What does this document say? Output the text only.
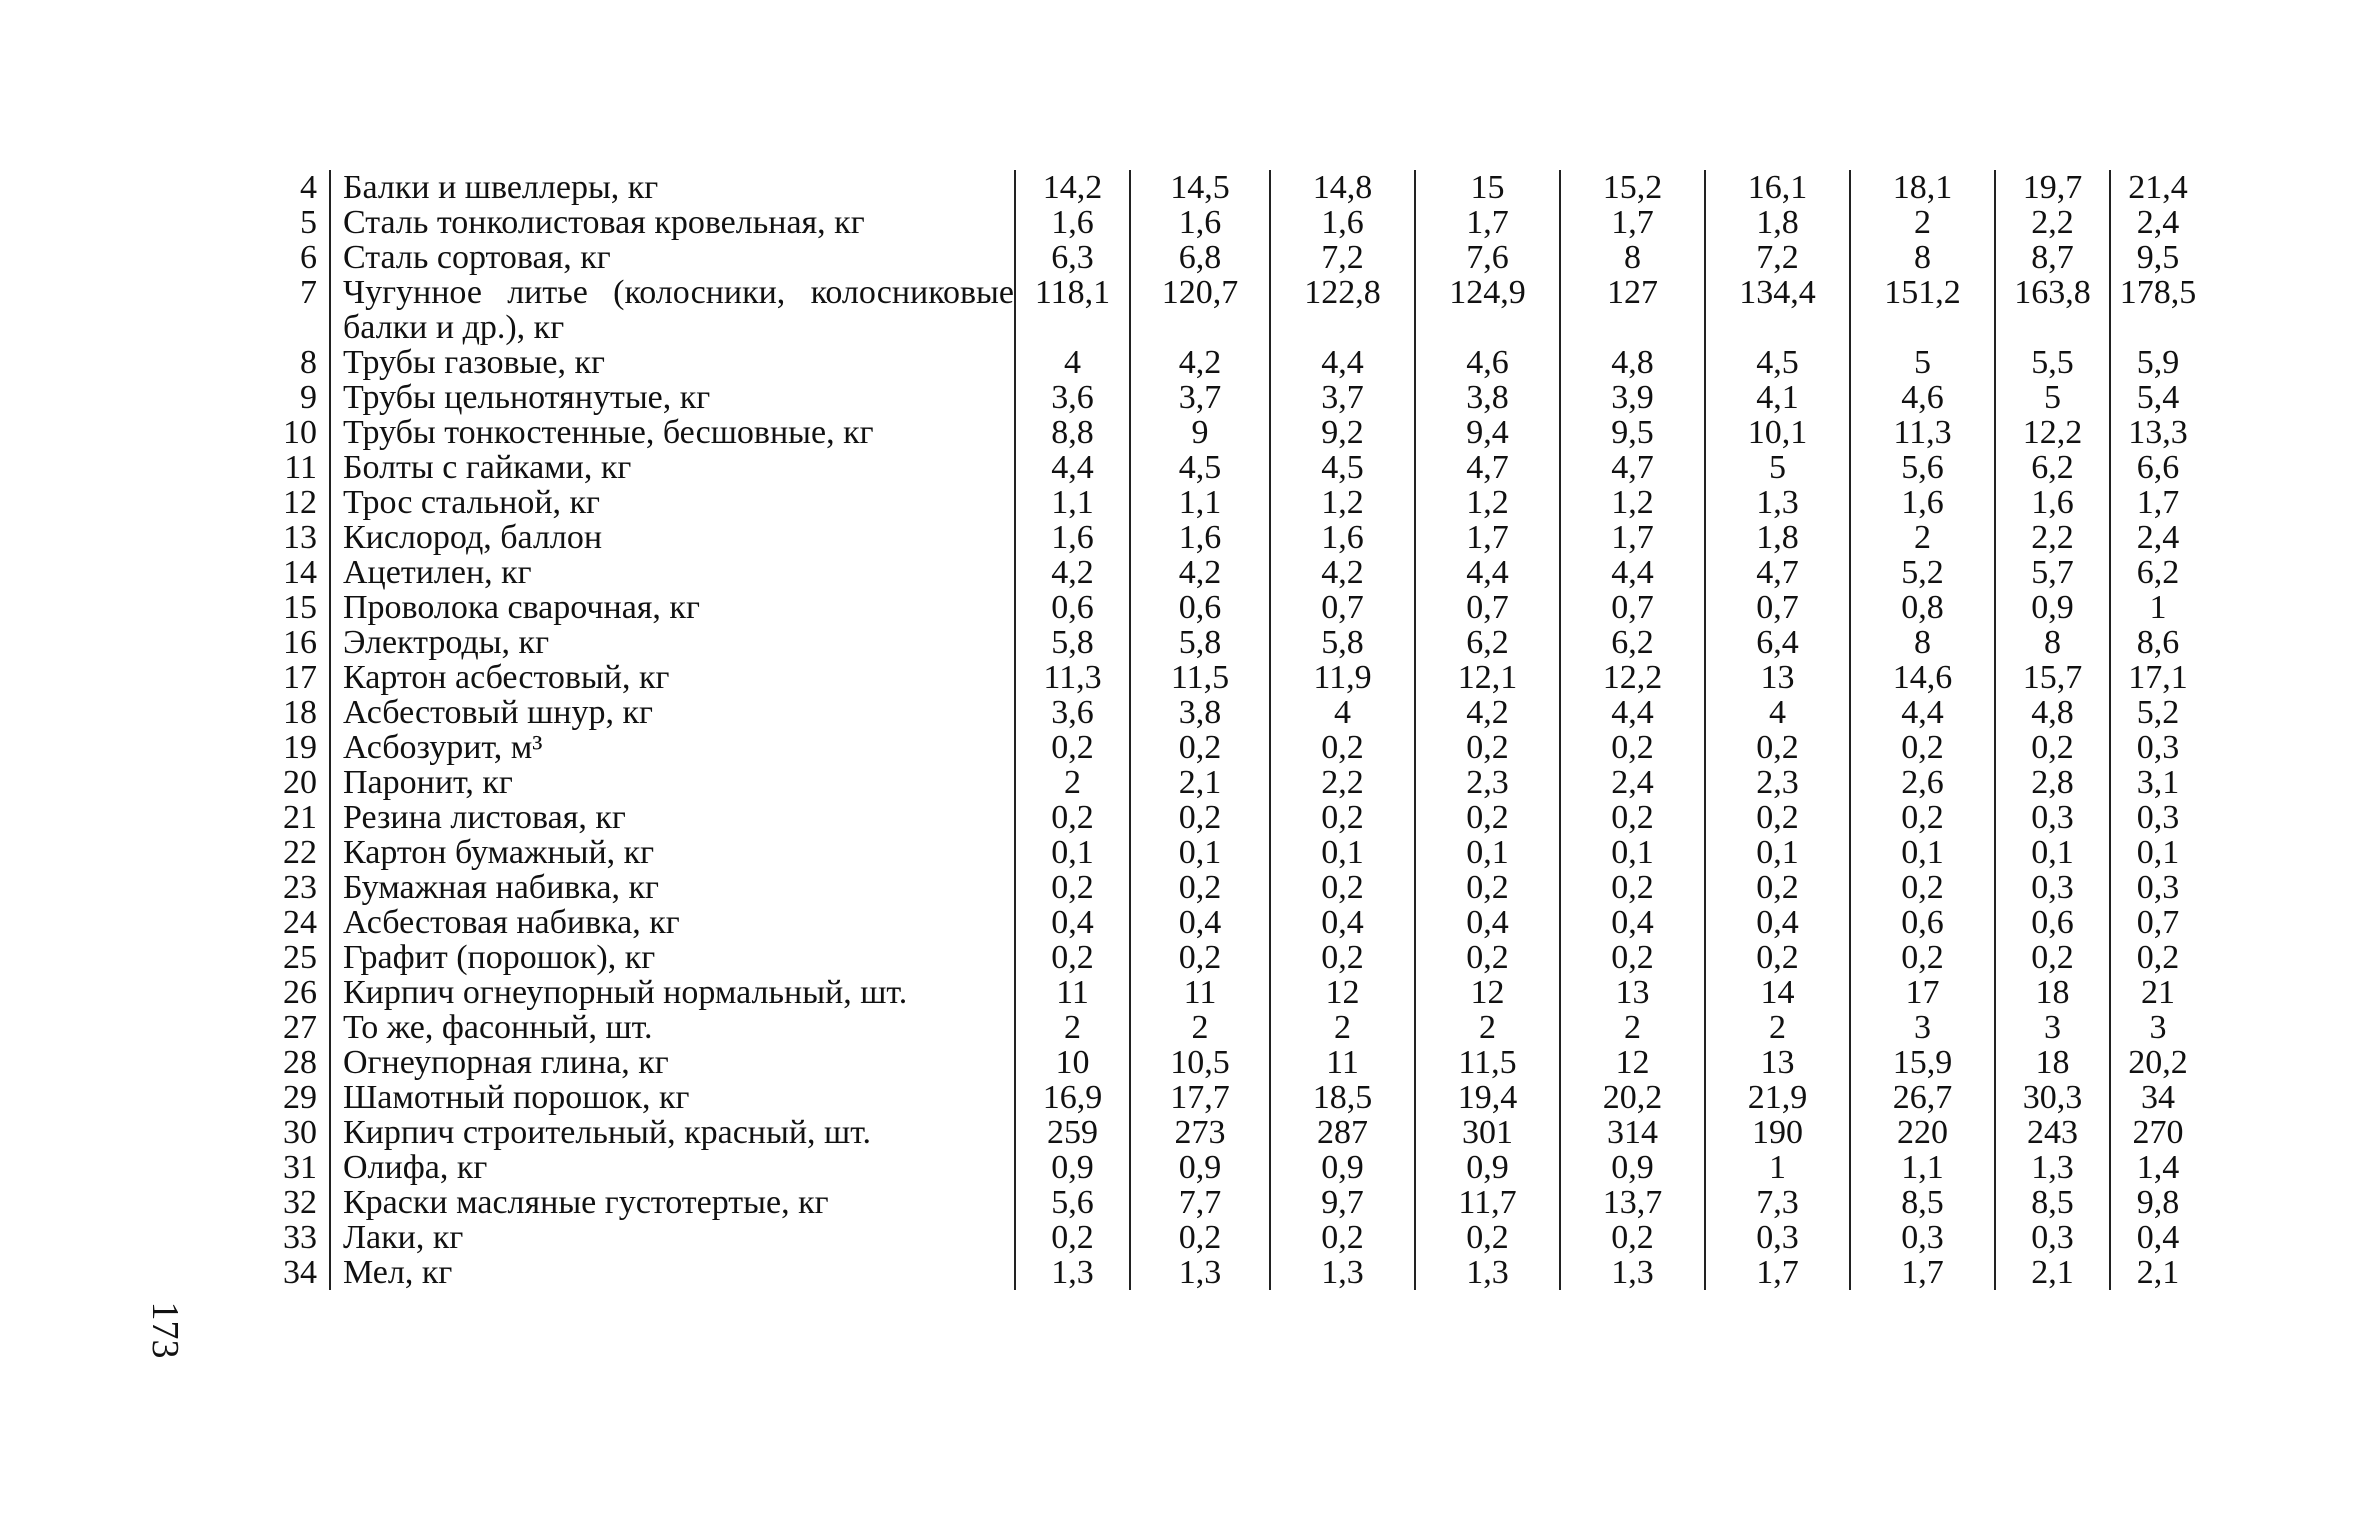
173
4	Балки и швеллеры, кг	14,2	14,5	14,8	15	15,2	16,1	18,1	19,7	21,4
5	Сталь тонколистовая кровельная, кг	1,6	1,6	1,6	1,7	1,7	1,8	2	2,2	2,4
6	Сталь сортовая, кг	6,3	6,8	7,2	7,6	8	7,2	8	8,7	9,5
7	Чугунное литье (колосники, колосниковые балки и др.), кг	118,1	120,7	122,8	124,9	127	134,4	151,2	163,8	178,5
8	Трубы газовые, кг	4	4,2	4,4	4,6	4,8	4,5	5	5,5	5,9
9	Трубы цельнотянутые, кг	3,6	3,7	3,7	3,8	3,9	4,1	4,6	5	5,4
10	Трубы тонкостенные, бесшовные, кг	8,8	9	9,2	9,4	9,5	10,1	11,3	12,2	13,3
11	Болты с гайками, кг	4,4	4,5	4,5	4,7	4,7	5	5,6	6,2	6,6
12	Трос стальной, кг	1,1	1,1	1,2	1,2	1,2	1,3	1,6	1,6	1,7
13	Кислород, баллон	1,6	1,6	1,6	1,7	1,7	1,8	2	2,2	2,4
14	Ацетилен, кг	4,2	4,2	4,2	4,4	4,4	4,7	5,2	5,7	6,2
15	Проволока сварочная, кг	0,6	0,6	0,7	0,7	0,7	0,7	0,8	0,9	1
16	Электроды, кг	5,8	5,8	5,8	6,2	6,2	6,4	8	8	8,6
17	Картон асбестовый, кг	11,3	11,5	11,9	12,1	12,2	13	14,6	15,7	17,1
18	Асбестовый шнур, кг	3,6	3,8	4	4,2	4,4	4	4,4	4,8	5,2
19	Асбозурит, м³	0,2	0,2	0,2	0,2	0,2	0,2	0,2	0,2	0,3
20	Паронит, кг	2	2,1	2,2	2,3	2,4	2,3	2,6	2,8	3,1
21	Резина листовая, кг	0,2	0,2	0,2	0,2	0,2	0,2	0,2	0,3	0,3
22	Картон бумажный, кг	0,1	0,1	0,1	0,1	0,1	0,1	0,1	0,1	0,1
23	Бумажная набивка, кг	0,2	0,2	0,2	0,2	0,2	0,2	0,2	0,3	0,3
24	Асбестовая набивка, кг	0,4	0,4	0,4	0,4	0,4	0,4	0,6	0,6	0,7
25	Графит (порошок), кг	0,2	0,2	0,2	0,2	0,2	0,2	0,2	0,2	0,2
26	Кирпич огнеупорный нормальный, шт.	11	11	12	12	13	14	17	18	21
27	То же, фасонный, шт.	2	2	2	2	2	2	3	3	3
28	Огнеупорная глина, кг	10	10,5	11	11,5	12	13	15,9	18	20,2
29	Шамотный порошок, кг	16,9	17,7	18,5	19,4	20,2	21,9	26,7	30,3	34
30	Кирпич строительный, красный, шт.	259	273	287	301	314	190	220	243	270
31	Олифа, кг	0,9	0,9	0,9	0,9	0,9	1	1,1	1,3	1,4
32	Краски масляные густотертые, кг	5,6	7,7	9,7	11,7	13,7	7,3	8,5	8,5	9,8
33	Лаки, кг	0,2	0,2	0,2	0,2	0,2	0,3	0,3	0,3	0,4
34	Мел, кг	1,3	1,3	1,3	1,3	1,3	1,7	1,7	2,1	2,1
